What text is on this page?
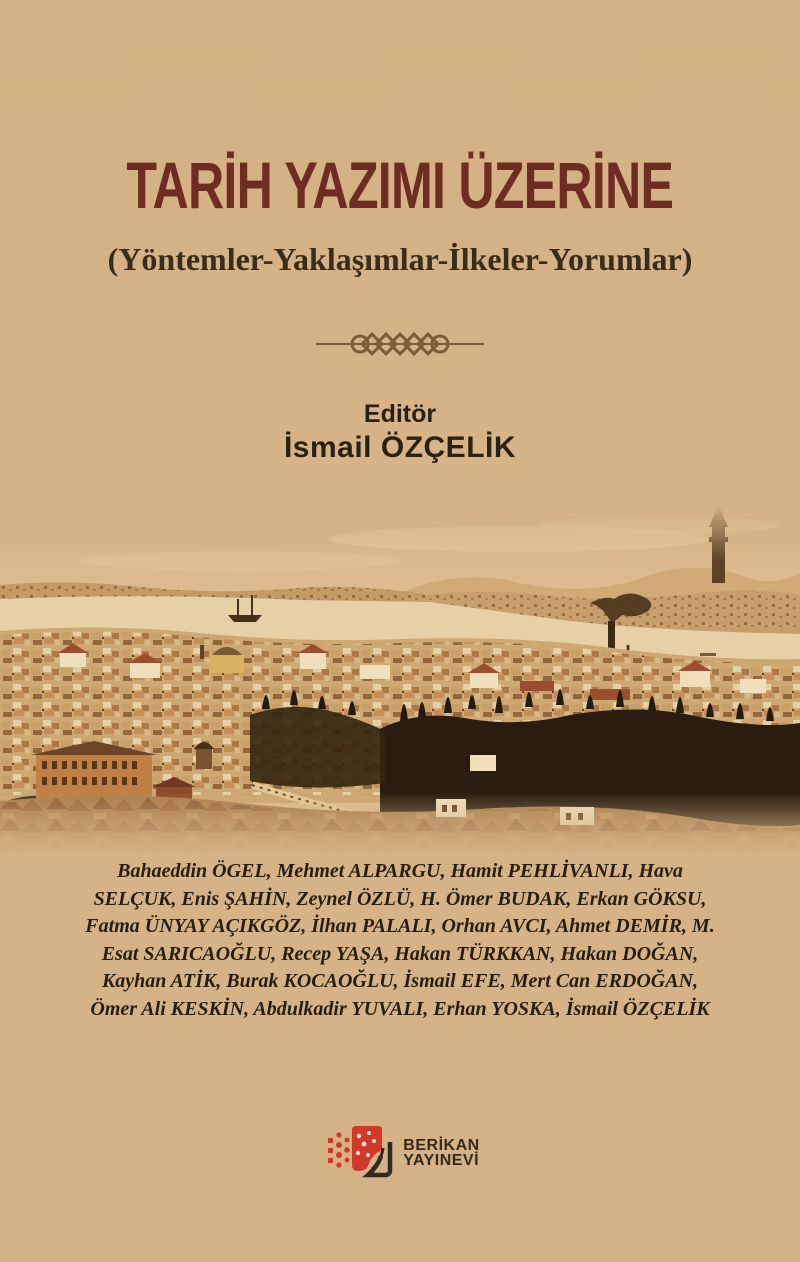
TARİH YAZIMI ÜZERİNE
(Yöntemler-Yaklaşımlar-İlkeler-Yorumlar)
Editör
İsmail ÖZÇELİK
Bahaeddin ÖGEL, Mehmet ALPARGU, Hamit PEHLİVANLI, Hava
SELÇUK, Enis ŞAHİN, Zeynel ÖZLÜ, H. Ömer BUDAK, Erkan GÖKSU,
Fatma ÜNYAY AÇIKGÖZ, İlhan PALALI, Orhan AVCI, Ahmet DEMİR, M.
Esat SARICAOĞLU, Recep YAŞA, Hakan TÜRKKAN, Hakan DOĞAN,
Kayhan ATİK, Burak KOCAOĞLU, İsmail EFE, Mert Can ERDOĞAN,
Ömer Ali KESKİN, Abdulkadir YUVALI, Erhan YOSKA, İsmail ÖZÇELİK
BERİKAN
YAYINEVİ
